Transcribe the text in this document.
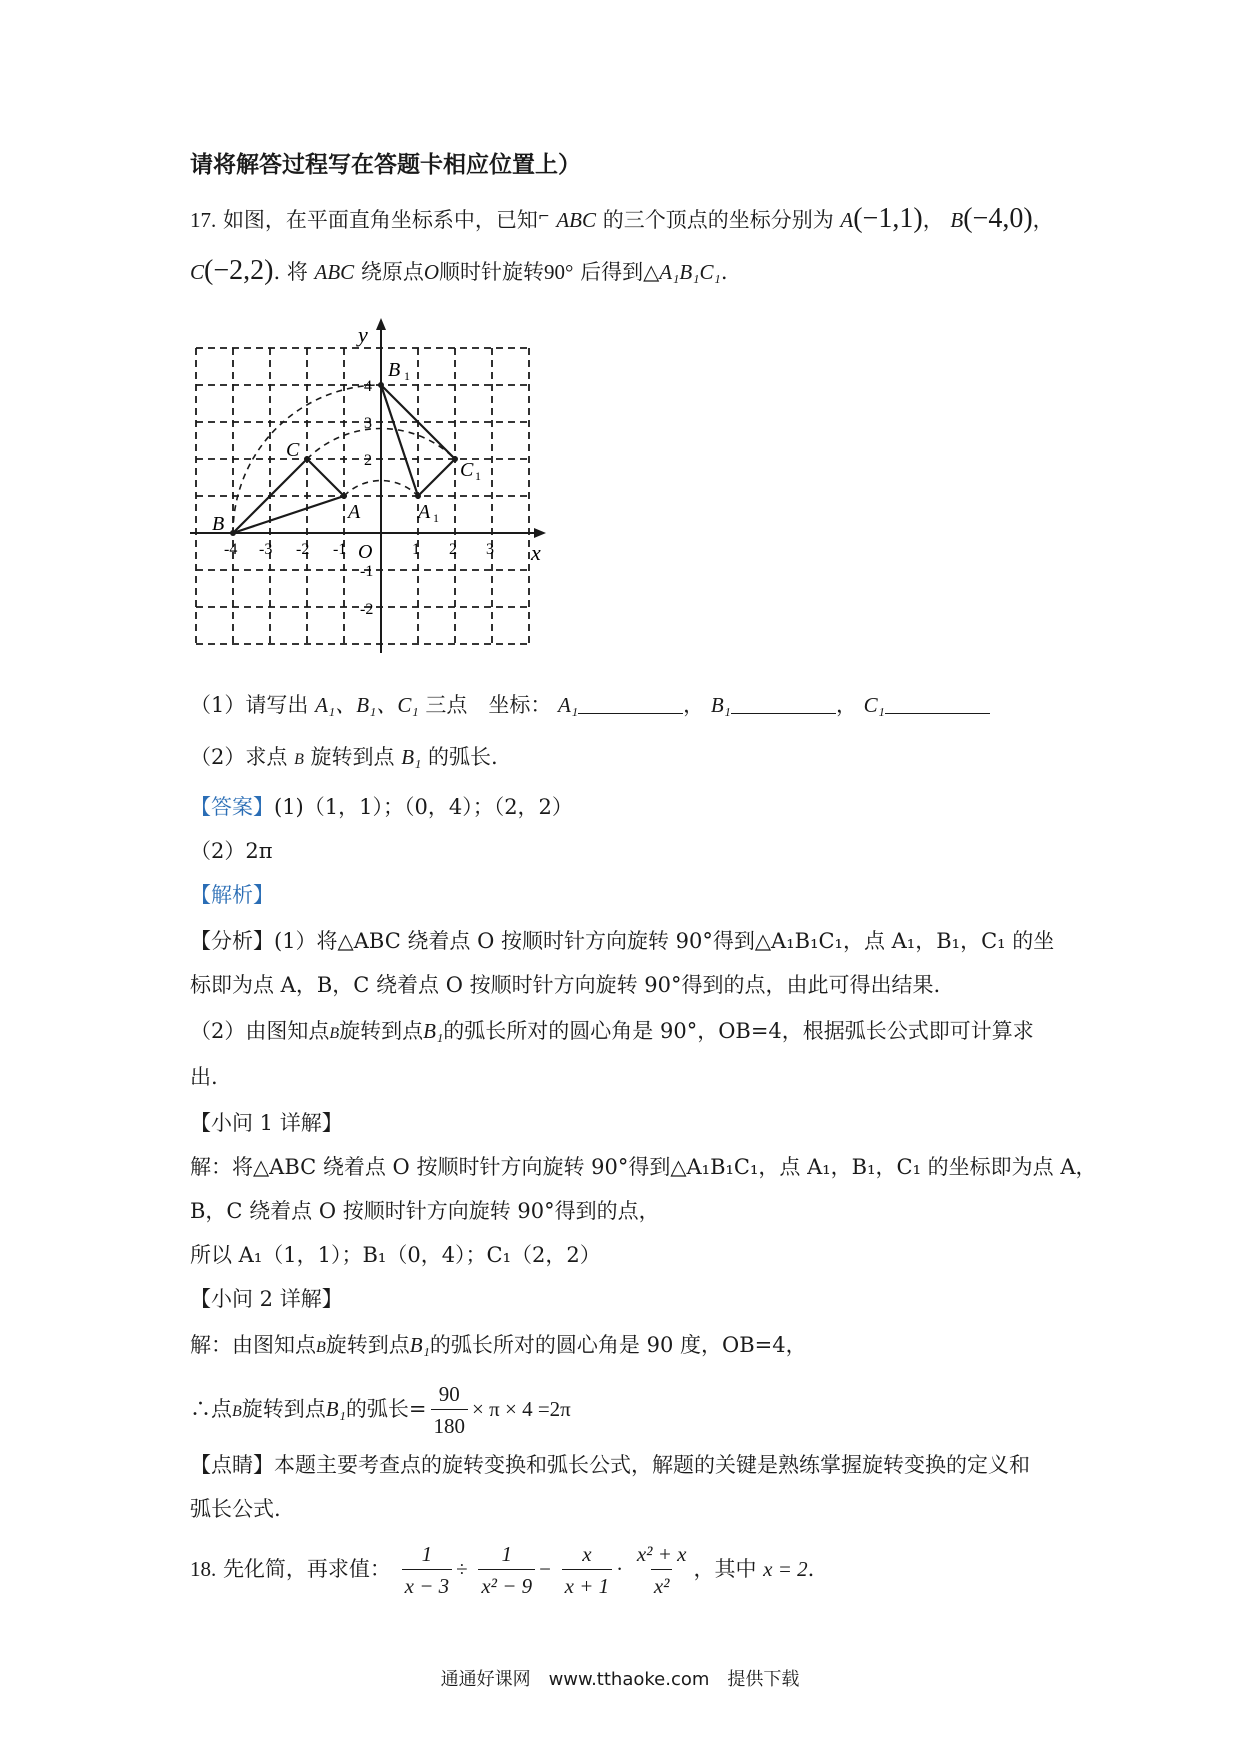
请将解答过程写在答题卡相应位置上）
17. 如图，在平面直角坐标系中，已知⌐ ABC 的三个顶点的坐标分别为 A(−1,1)， B(−4,0)，
C(−2,2). 将 ABC 绕原点O顺时针旋转90° 后得到△A₁B₁C₁.
x
y
O
-4 -3 -2 -1	1 2 3
4
3
2
-1
-2
B
C
A
B 1
C 1
A 1
（1）请写出 A₁、B₁、C₁ 三点　坐标： A₁	， B₁	， C₁
（2）求点 B 旋转到点 B₁ 的弧长.
【答案】(1)（1，1）；（0，4）；（2，2）
（2）2π
【解析】
【分析】(1）将△ABC 绕着点 O 按顺时针方向旋转 90°得到△A₁B₁C₁，点 A₁，B₁，C₁ 的坐
标即为点 A，B，C 绕着点 O 按顺时针方向旋转 90°得到的点，由此可得出结果.
（2）由图知点B旋转到点B₁的弧长所对的圆心角是 90°，OB=4，根据弧长公式即可计算求
出.
【小问 1 详解】
解：将△ABC 绕着点 O 按顺时针方向旋转 90°得到△A₁B₁C₁，点 A₁，B₁，C₁ 的坐标即为点 A，
B，C 绕着点 O 按顺时针方向旋转 90°得到的点，
所以 A₁（1，1）；B₁（0，4）；C₁（2，2）
【小问 2 详解】
解：由图知点B旋转到点B₁的弧长所对的圆心角是 90 度，OB=4，
∴点B旋转到点B₁的弧长= $\frac{90}{180} \times \pi \times 4 =2\pi$
【点睛】本题主要考查点的旋转变换和弧长公式，解题的关键是熟练掌握旋转变换的定义和
弧长公式.
18. 先化简，再求值： $\frac{1}{x - 3} \div \frac{1}{\text{x² − 9}} - \frac{x}{x + 1} \cdot \frac{\text{x² + x}}{\text{x²}}$ ，其中 x = 2.
通通好课网　www.tthaoke.com　提供下载
